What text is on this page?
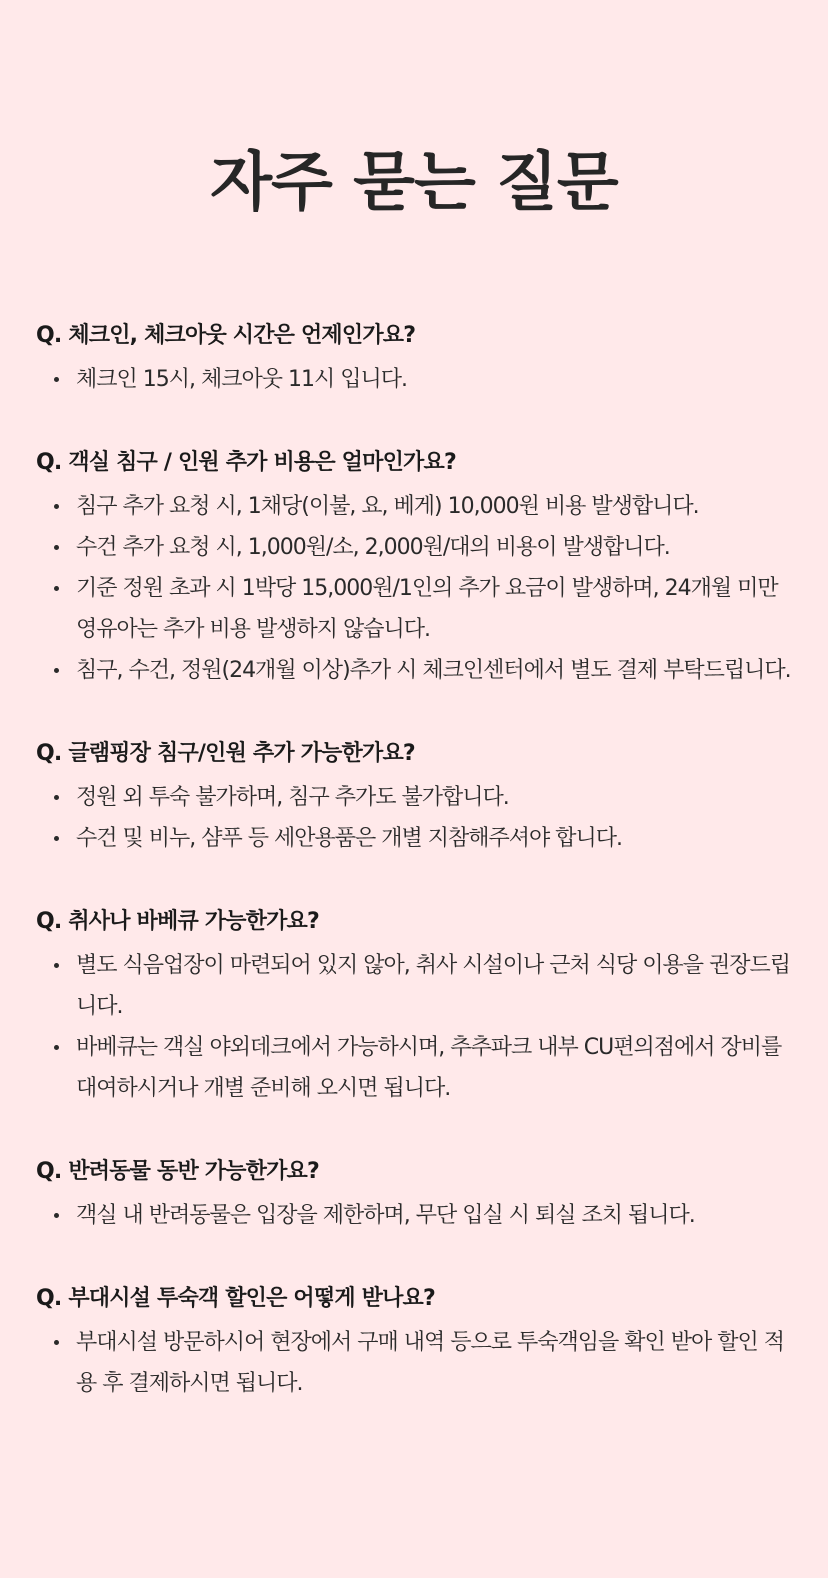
자주 묻는 질문
Q. 체크인, 체크아웃 시간은 언제인가요?
체크인 15시, 체크아웃 11시 입니다.
Q. 객실 침구 / 인원 추가 비용은 얼마인가요?
침구 추가 요청 시, 1채당(이불, 요, 베게) 10,000원 비용 발생합니다.
수건 추가 요청 시, 1,000원/소, 2,000원/대의 비용이 발생합니다.
기준 정원 초과 시 1박당 15,000원/1인의 추가 요금이 발생하며, 24개월 미만 영유아는 추가 비용 발생하지 않습니다.
침구, 수건, 정원(24개월 이상)추가 시 체크인센터에서 별도 결제 부탁드립니다.
Q. 글램핑장 침구/인원 추가 가능한가요?
정원 외 투숙 불가하며, 침구 추가도 불가합니다.
수건 및 비누, 샴푸 등 세안용품은 개별 지참해주셔야 합니다.
Q. 취사나 바베큐 가능한가요?
별도 식음업장이 마련되어 있지 않아, 취사 시설이나 근처 식당 이용을 권장드립니다.
바베큐는 객실 야외데크에서 가능하시며, 추추파크 내부 CU편의점에서 장비를 대여하시거나 개별 준비해 오시면 됩니다.
Q. 반려동물 동반 가능한가요?
객실 내 반려동물은 입장을 제한하며, 무단 입실 시 퇴실 조치 됩니다.
Q. 부대시설 투숙객 할인은 어떻게 받나요?
부대시설 방문하시어 현장에서 구매 내역 등으로 투숙객임을 확인 받아 할인 적용 후 결제하시면 됩니다.
